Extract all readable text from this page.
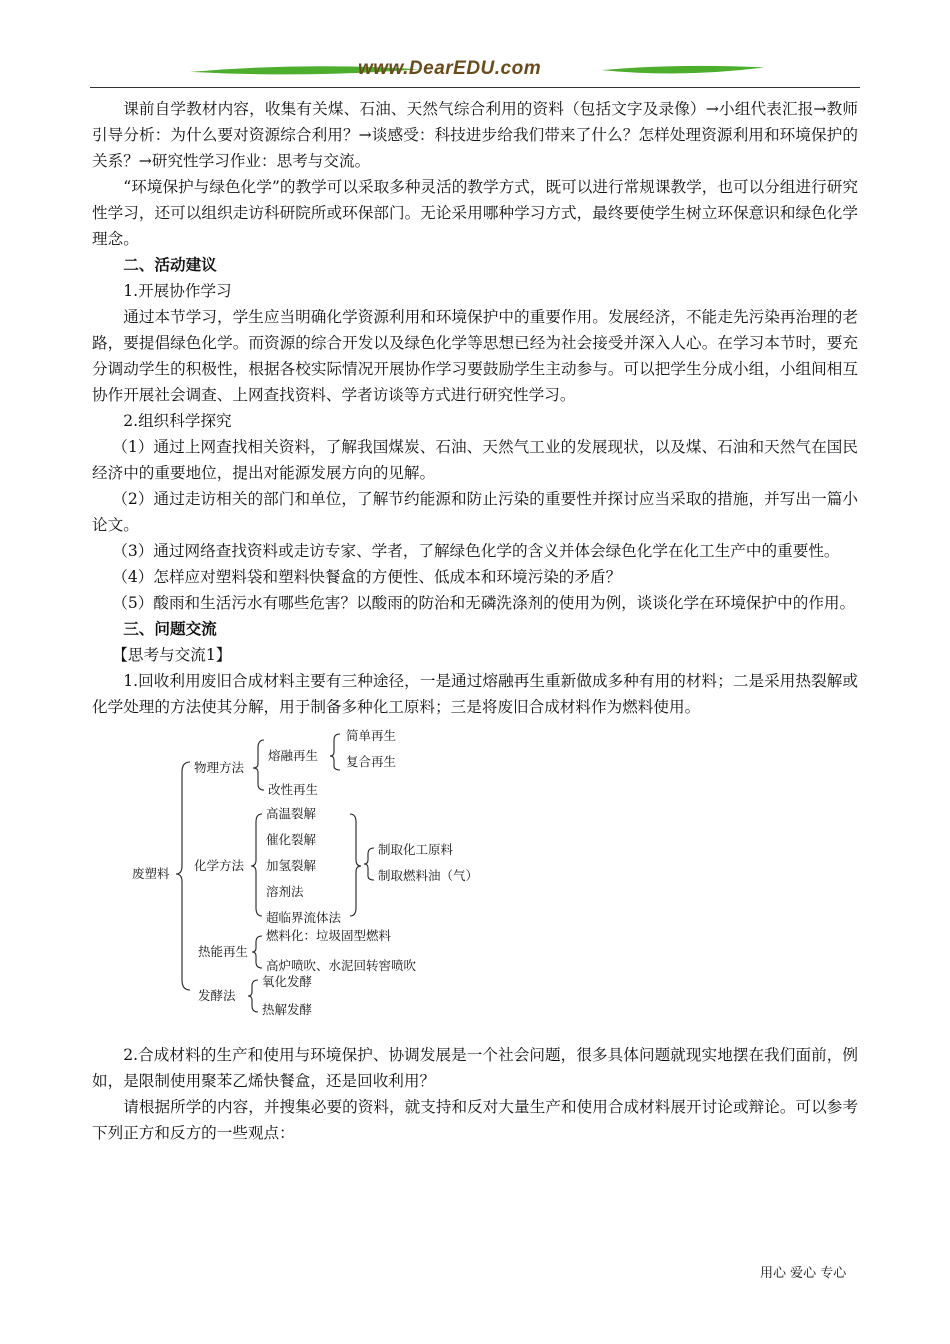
www.DearEDU.com

课前自学教材内容，收集有关煤、石油、天然气综合利用的资料（包括文字及录像）→小组代表汇报→教师引导分析：为什么要对资源综合利用？→谈感受：科技进步给我们带来了什么？怎样处理资源利用和环境保护的关系？→研究性学习作业：思考与交流。

“环境保护与绿色化学”的教学可以采取多种灵活的教学方式，既可以进行常规课教学，也可以分组进行研究性学习，还可以组织走访科研院所或环保部门。无论采用哪种学习方式，最终要使学生树立环保意识和绿色化学理念。

二、活动建议

1.开展协作学习

通过本节学习，学生应当明确化学资源利用和环境保护中的重要作用。发展经济，不能走先污染再治理的老路，要提倡绿色化学。而资源的综合开发以及绿色化学等思想已经为社会接受并深入人心。在学习本节时，要充分调动学生的积极性，根据各校实际情况开展协作学习要鼓励学生主动参与。可以把学生分成小组，小组间相互协作开展社会调查、上网查找资料、学者访谈等方式进行研究性学习。

2.组织科学探究

（1）通过上网查找相关资料，了解我国煤炭、石油、天然气工业的发展现状，以及煤、石油和天然气在国民经济中的重要地位，提出对能源发展方向的见解。

（2）通过走访相关的部门和单位，了解节约能源和防止污染的重要性并探讨应当采取的措施，并写出一篇小论文。

（3）通过网络查找资料或走访专家、学者，了解绿色化学的含义并体会绿色化学在化工生产中的重要性。

（4）怎样应对塑料袋和塑料快餐盒的方便性、低成本和环境污染的矛盾？

（5）酸雨和生活污水有哪些危害？以酸雨的防治和无磷洗涤剂的使用为例，谈谈化学在环境保护中的作用。

三、问题交流

【思考与交流1】

1.回收利用废旧合成材料主要有三种途径，一是通过熔融再生重新做成多种有用的材料；二是采用热裂解或化学处理的方法使其分解，用于制备多种化工原料；三是将废旧合成材料作为燃料使用。

废塑料
物理方法
熔融再生
简单再生
复合再生
改性再生
化学方法
高温裂解
催化裂解
加氢裂解
溶剂法
超临界流体法
制取化工原料
制取燃料油（气）
热能再生
燃料化：垃圾固型燃料
高炉喷吹、水泥回转窖喷吹
发酵法
氧化发酵
热解发酵

2.合成材料的生产和使用与环境保护、协调发展是一个社会问题，很多具体问题就现实地摆在我们面前，例如，是限制使用聚苯乙烯快餐盒，还是回收利用？

请根据所学的内容，并搜集必要的资料，就支持和反对大量生产和使用合成材料展开讨论或辩论。可以参考下列正方和反方的一些观点：

用心 爱心 专心
